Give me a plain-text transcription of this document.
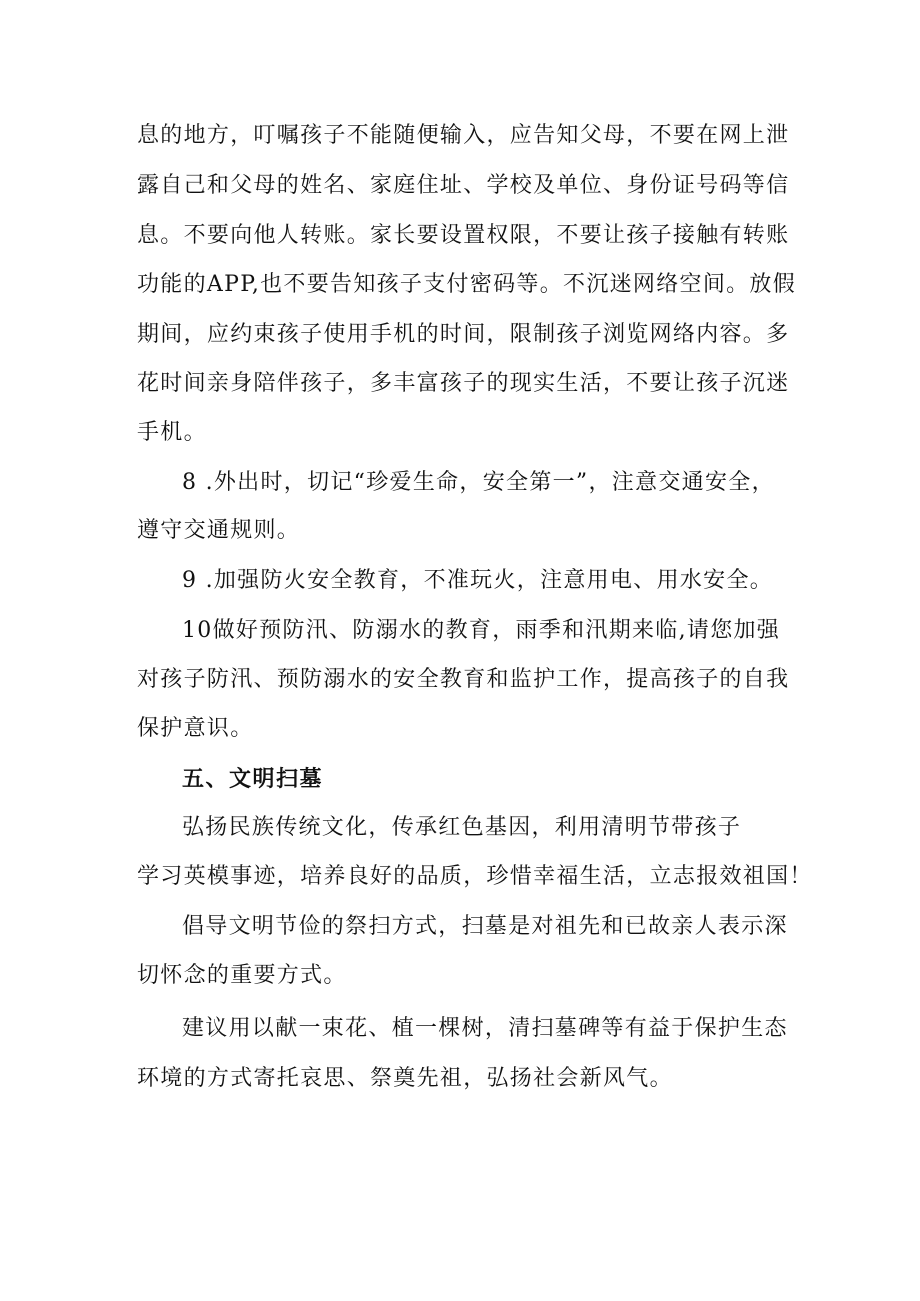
息的地方，叮嘱孩子不能随便输入，应告知父母，不要在网上泄

露自己和父母的姓名、家庭住址、学校及单位、身份证号码等信

息。不要向他人转账。家长要设置权限，不要让孩子接触有转账

功能的APP,也不要告知孩子支付密码等。不沉迷网络空间。放假

期间，应约束孩子使用手机的时间，限制孩子浏览网络内容。多

花时间亲身陪伴孩子，多丰富孩子的现实生活，不要让孩子沉迷

手机。

8 .外出时，切记“珍爱生命，安全第一”，注意交通安全，

遵守交通规则。

9 .加强防火安全教育，不准玩火，注意用电、用水安全。

10做好预防汛、防溺水的教育，雨季和汛期来临,请您加强

对孩子防汛、预防溺水的安全教育和监护工作，提高孩子的自我

保护意识。

五、文明扫墓

弘扬民族传统文化，传承红色基因，利用清明节带孩子

学习英模事迹，培养良好的品质，珍惜幸福生活，立志报效祖国！

倡导文明节俭的祭扫方式，扫墓是对祖先和已故亲人表示深

切怀念的重要方式。

建议用以献一束花、植一棵树，清扫墓碑等有益于保护生态

环境的方式寄托哀思、祭奠先祖，弘扬社会新风气。
